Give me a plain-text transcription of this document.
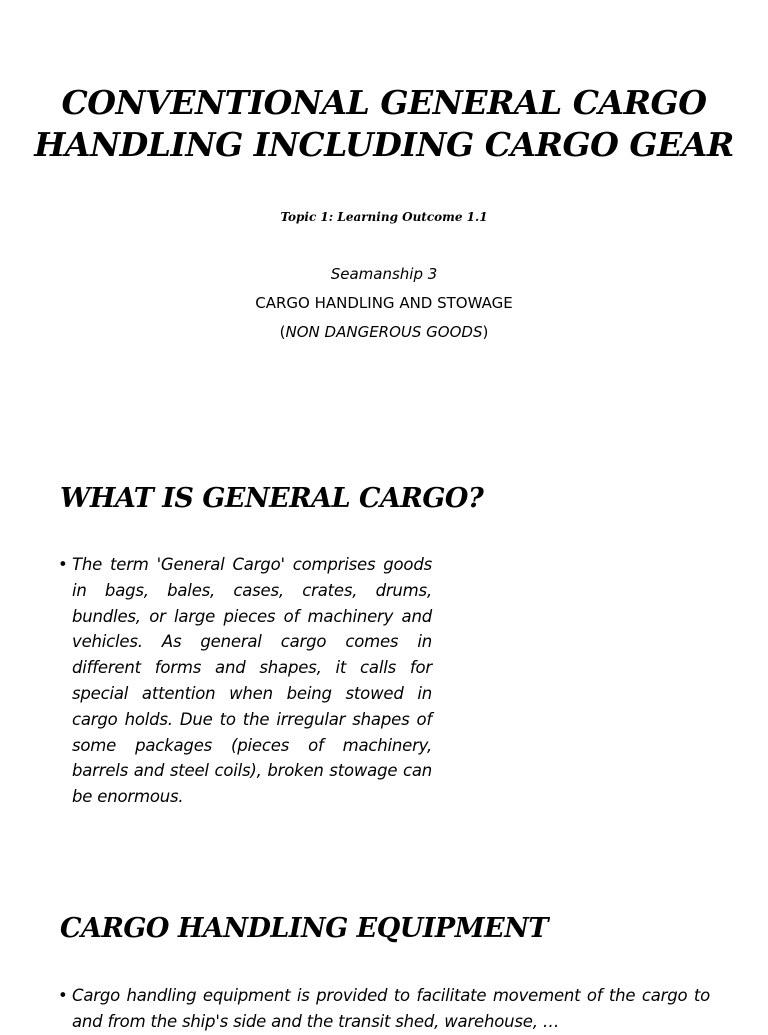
CONVENTIONAL GENERAL CARGO HANDLING INCLUDING CARGO GEAR

Topic 1: Learning Outcome 1.1

Seamanship 3

CARGO HANDLING AND STOWAGE

(NON DANGEROUS GOODS)

WHAT IS GENERAL CARGO?

• The term 'General Cargo' comprises goods in bags, bales, cases, crates, drums, bundles, or large pieces of machinery and vehicles. As general cargo comes in different forms and shapes, it calls for special attention when being stowed in cargo holds. Due to the irregular shapes of some packages (pieces of machinery, barrels and steel coils), broken stowage can be enormous.

CARGO HANDLING EQUIPMENT

• Cargo handling equipment is provided to facilitate movement of the cargo to and from the ship's side and the transit shed, warehouse, …
